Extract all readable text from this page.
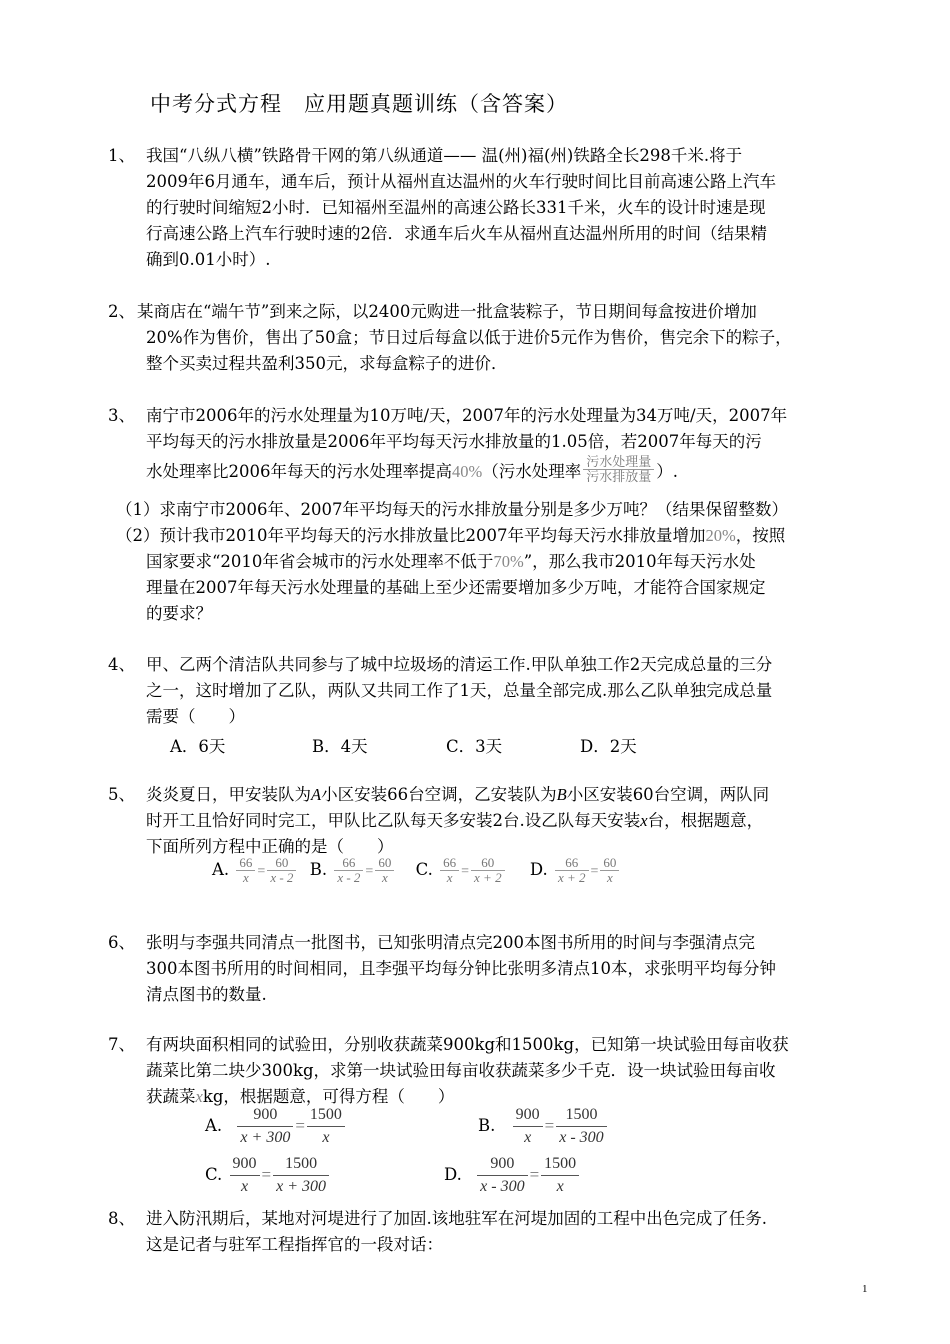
中考分式方程　应用题真题训练（含答案）
1、 我国“八纵八横”铁路骨干网的第八纵通道—— 温(州)福(州)铁路全长298千米.将于
2009年6月通车，通车后，预计从福州直达温州的火车行驶时间比目前高速公路上汽车
的行驶时间缩短2小时．已知福州至温州的高速公路长331千米，火车的设计时速是现
行高速公路上汽车行驶时速的2倍．求通车后火车从福州直达温州所用的时间（结果精
确到0.01小时）.
2、 某商店在“端午节”到来之际，以2400元购进一批盒装粽子，节日期间每盒按进价增加
20%作为售价，售出了50盒；节日过后每盒以低于进价5元作为售价，售完余下的粽子，
整个买卖过程共盈利350元，求每盒粽子的进价．
3、 南宁市2006年的污水处理量为10万吨/天，2007年的污水处理量为34万吨/天，2007年
平均每天的污水排放量是2006年平均每天污水排放量的1.05倍，若2007年每天的污
水处理率比2006年每天的污水处理率提高40%（污水处理率 $\frac{\text{污水处理量}}{\text{污水排放量}}$ ）.
（1）求南宁市2006年、2007年平均每天的污水排放量分别是多少万吨？（结果保留整数）
（2）预计我市2010年平均每天的污水排放量比2007年平均每天污水排放量增加20%，按照
国家要求“2010年省会城市的污水处理率不低于70%”，那么我市2010年每天污水处
理量在2007年每天污水处理量的基础上至少还需要增加多少万吨，才能符合国家规定
的要求？
4、 甲、乙两个清洁队共同参与了城中垃圾场的清运工作.甲队单独工作2天完成总量的三分
之一，这时增加了乙队，两队又共同工作了1天，总量全部完成.那么乙队单独完成总量
需要（　　）
A．6天	B．4天	C．3天	D．2天
5、 炎炎夏日，甲安装队为A小区安装66台空调，乙安装队为B小区安装60台空调，两队同
时开工且恰好同时完工，甲队比乙队每天多安装2台.设乙队每天安装x台，根据题意，
下面所列方程中正确的是（　　）
A. $\frac{66}{x} = \frac{60}{x - 2} B$. $\frac{66}{x - 2} = \frac{60}{x} C$. $\frac{66}{x} = \frac{60}{x + 2} D$. $\frac{66}{x + 2} = \frac{60}{x}$
6、 张明与李强共同清点一批图书，已知张明清点完200本图书所用的时间与李强清点完
300本图书所用的时间相同，且李强平均每分钟比张明多清点10本，求张明平均每分钟
清点图书的数量.
7、 有两块面积相同的试验田，分别收获蔬菜900kg和1500kg，已知第一块试验田每亩收获
蔬菜比第二块少300kg，求第一块试验田每亩收获蔬菜多少千克．设一块试验田每亩收
获蔬菜xkg，根据题意，可得方程（　　）
A. $\frac{900}{x + 300} = \frac{1500}{x}$	B. $\frac{900}{x} = \frac{1500}{x - 300}$
C. $\frac{900}{x} = \frac{1500}{x + 300}$	D. $\frac{900}{x - 300} = \frac{1500}{x}$
8、 进入防汛期后，某地对河堤进行了加固.该地驻军在河堤加固的工程中出色完成了任务.
这是记者与驻军工程指挥官的一段对话：
1
